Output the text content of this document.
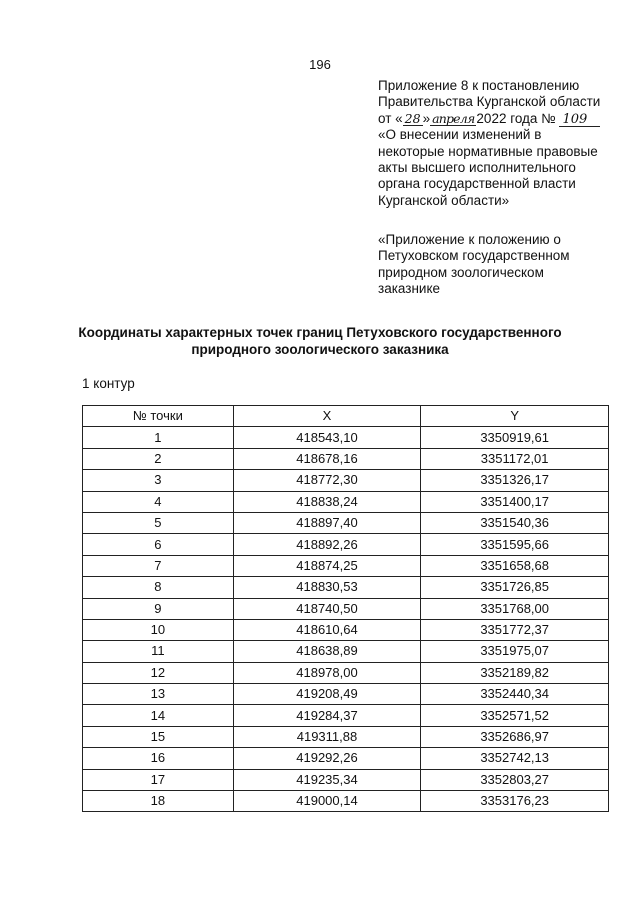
196
Приложение 8 к постановлению
Правительства Курганской области
от « 28 » апреля 2022 года № 109
«О внесении изменений в
некоторые нормативные правовые
акты высшего исполнительного
органа государственной власти
Курганской области»
«Приложение к положению о
Петуховском государственном
природном зоологическом
заказнике
Координаты характерных точек границ Петуховского государственного
природного зоологического заказника
1 контур
№ точки	X	Y
1	418543,10	3350919,61
2	418678,16	3351172,01
3	418772,30	3351326,17
4	418838,24	3351400,17
5	418897,40	3351540,36
6	418892,26	3351595,66
7	418874,25	3351658,68
8	418830,53	3351726,85
9	418740,50	3351768,00
10	418610,64	3351772,37
11	418638,89	3351975,07
12	418978,00	3352189,82
13	419208,49	3352440,34
14	419284,37	3352571,52
15	419311,88	3352686,97
16	419292,26	3352742,13
17	419235,34	3352803,27
18	419000,14	3353176,23
